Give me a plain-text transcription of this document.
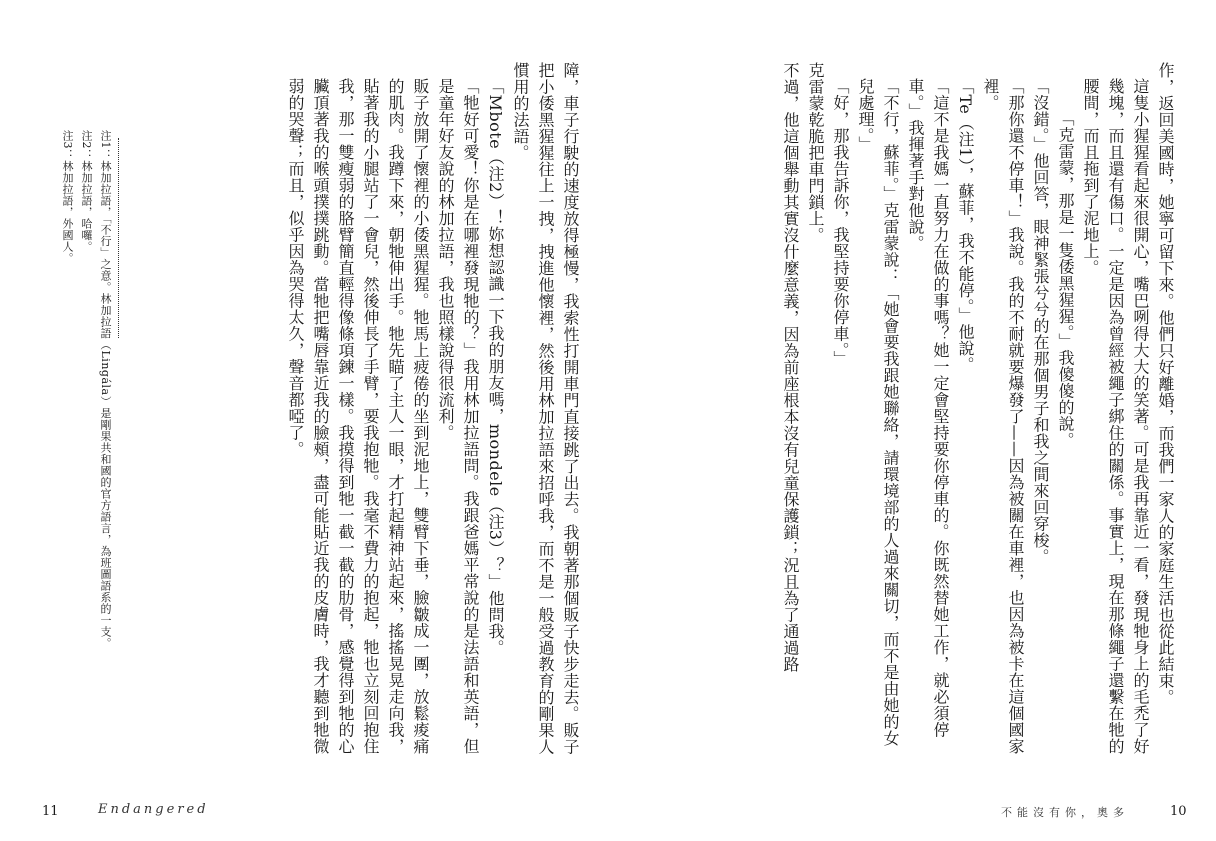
障，車子行駛的速度放得極慢，我索性打開車門直接跳了出去。我朝著那個販子快步走去。販子把小倭黑猩猩往上一拽，拽進他懷裡，然後用林加拉語來招呼我，而不是一般受過教育的剛果人慣用的法語。

「Mbote（注2）！妳想認識一下我的朋友嗎，mondele（注3）？」他問我。

「牠好可愛！你是在哪裡發現牠的？」我用林加拉語問。我跟爸媽平常說的是法語和英語，但是童年好友說的林加拉語，我也照樣說得很流利。

販子放開了懷裡的小倭黑猩猩。牠馬上疲倦的坐到泥地上，雙臂下垂，臉皺成一團，放鬆痠痛的肌肉。我蹲下來，朝牠伸出手。牠先瞄了主人一眼，才打起精神站起來，搖搖晃晃走向我，貼著我的小腿站了一會兒，然後伸長了手臂，要我抱牠。我毫不費力的抱起，牠也立刻回抱住我，那一雙瘦弱的胳臂簡直輕得像條項鍊一樣。我摸得到牠一截一截的肋骨，感覺得到牠的心臟頂著我的喉頭撲撲跳動。當牠把嘴唇靠近我的臉頰，盡可能貼近我的皮膚時，我才聽到牠微弱的哭聲；而且，似乎因為哭得太久，聲音都啞了。

注1：林加拉語，「不行」之意。林加拉語（Lingála）是剛果共和國的官方語言，為班圖語系的一支。
注2：林加拉語，哈囉。
注3：林加拉語，外國人。
11	Endangered

作，返回美國時，她寧可留下來。他們只好離婚，而我們一家人的家庭生活也從此結束。

這隻小猩猩看起來很開心，嘴巴咧得大大的笑著。可是我再靠近一看，發現牠身上的毛禿了好幾塊，而且還有傷口。一定是因為曾經被繩子綁住的關係。事實上，現在那條繩子還繫在牠的腰間，而且拖到了泥地上。

「克雷蒙，那是一隻倭黑猩猩。」我傻傻的說。

「沒錯。」他回答，眼神緊張兮兮的在那個男子和我之間來回穿梭。

「那你還不停車！」我說。我的不耐就要爆發了——因為被關在車裡，也因為被卡在這個國家裡。

「Te（注1），蘇菲，我不能停。」他說。

「這不是我媽一直努力在做的事嗎？她一定會堅持要你停車的。你既然替她工作，就必須停車。」我揮著手對他說。

「不行，蘇菲。」克雷蒙說：「她會要我跟她聯絡，請環境部的人過來關切，而不是由她的女兒處理。」

「好，那我告訴你，我堅持要你停車。」

克雷蒙乾脆把車門鎖上。

不過，他這個舉動其實沒什麼意義，因為前座根本沒有兒童保護鎖；況且為了通過路

不能沒有你，奧多	10
